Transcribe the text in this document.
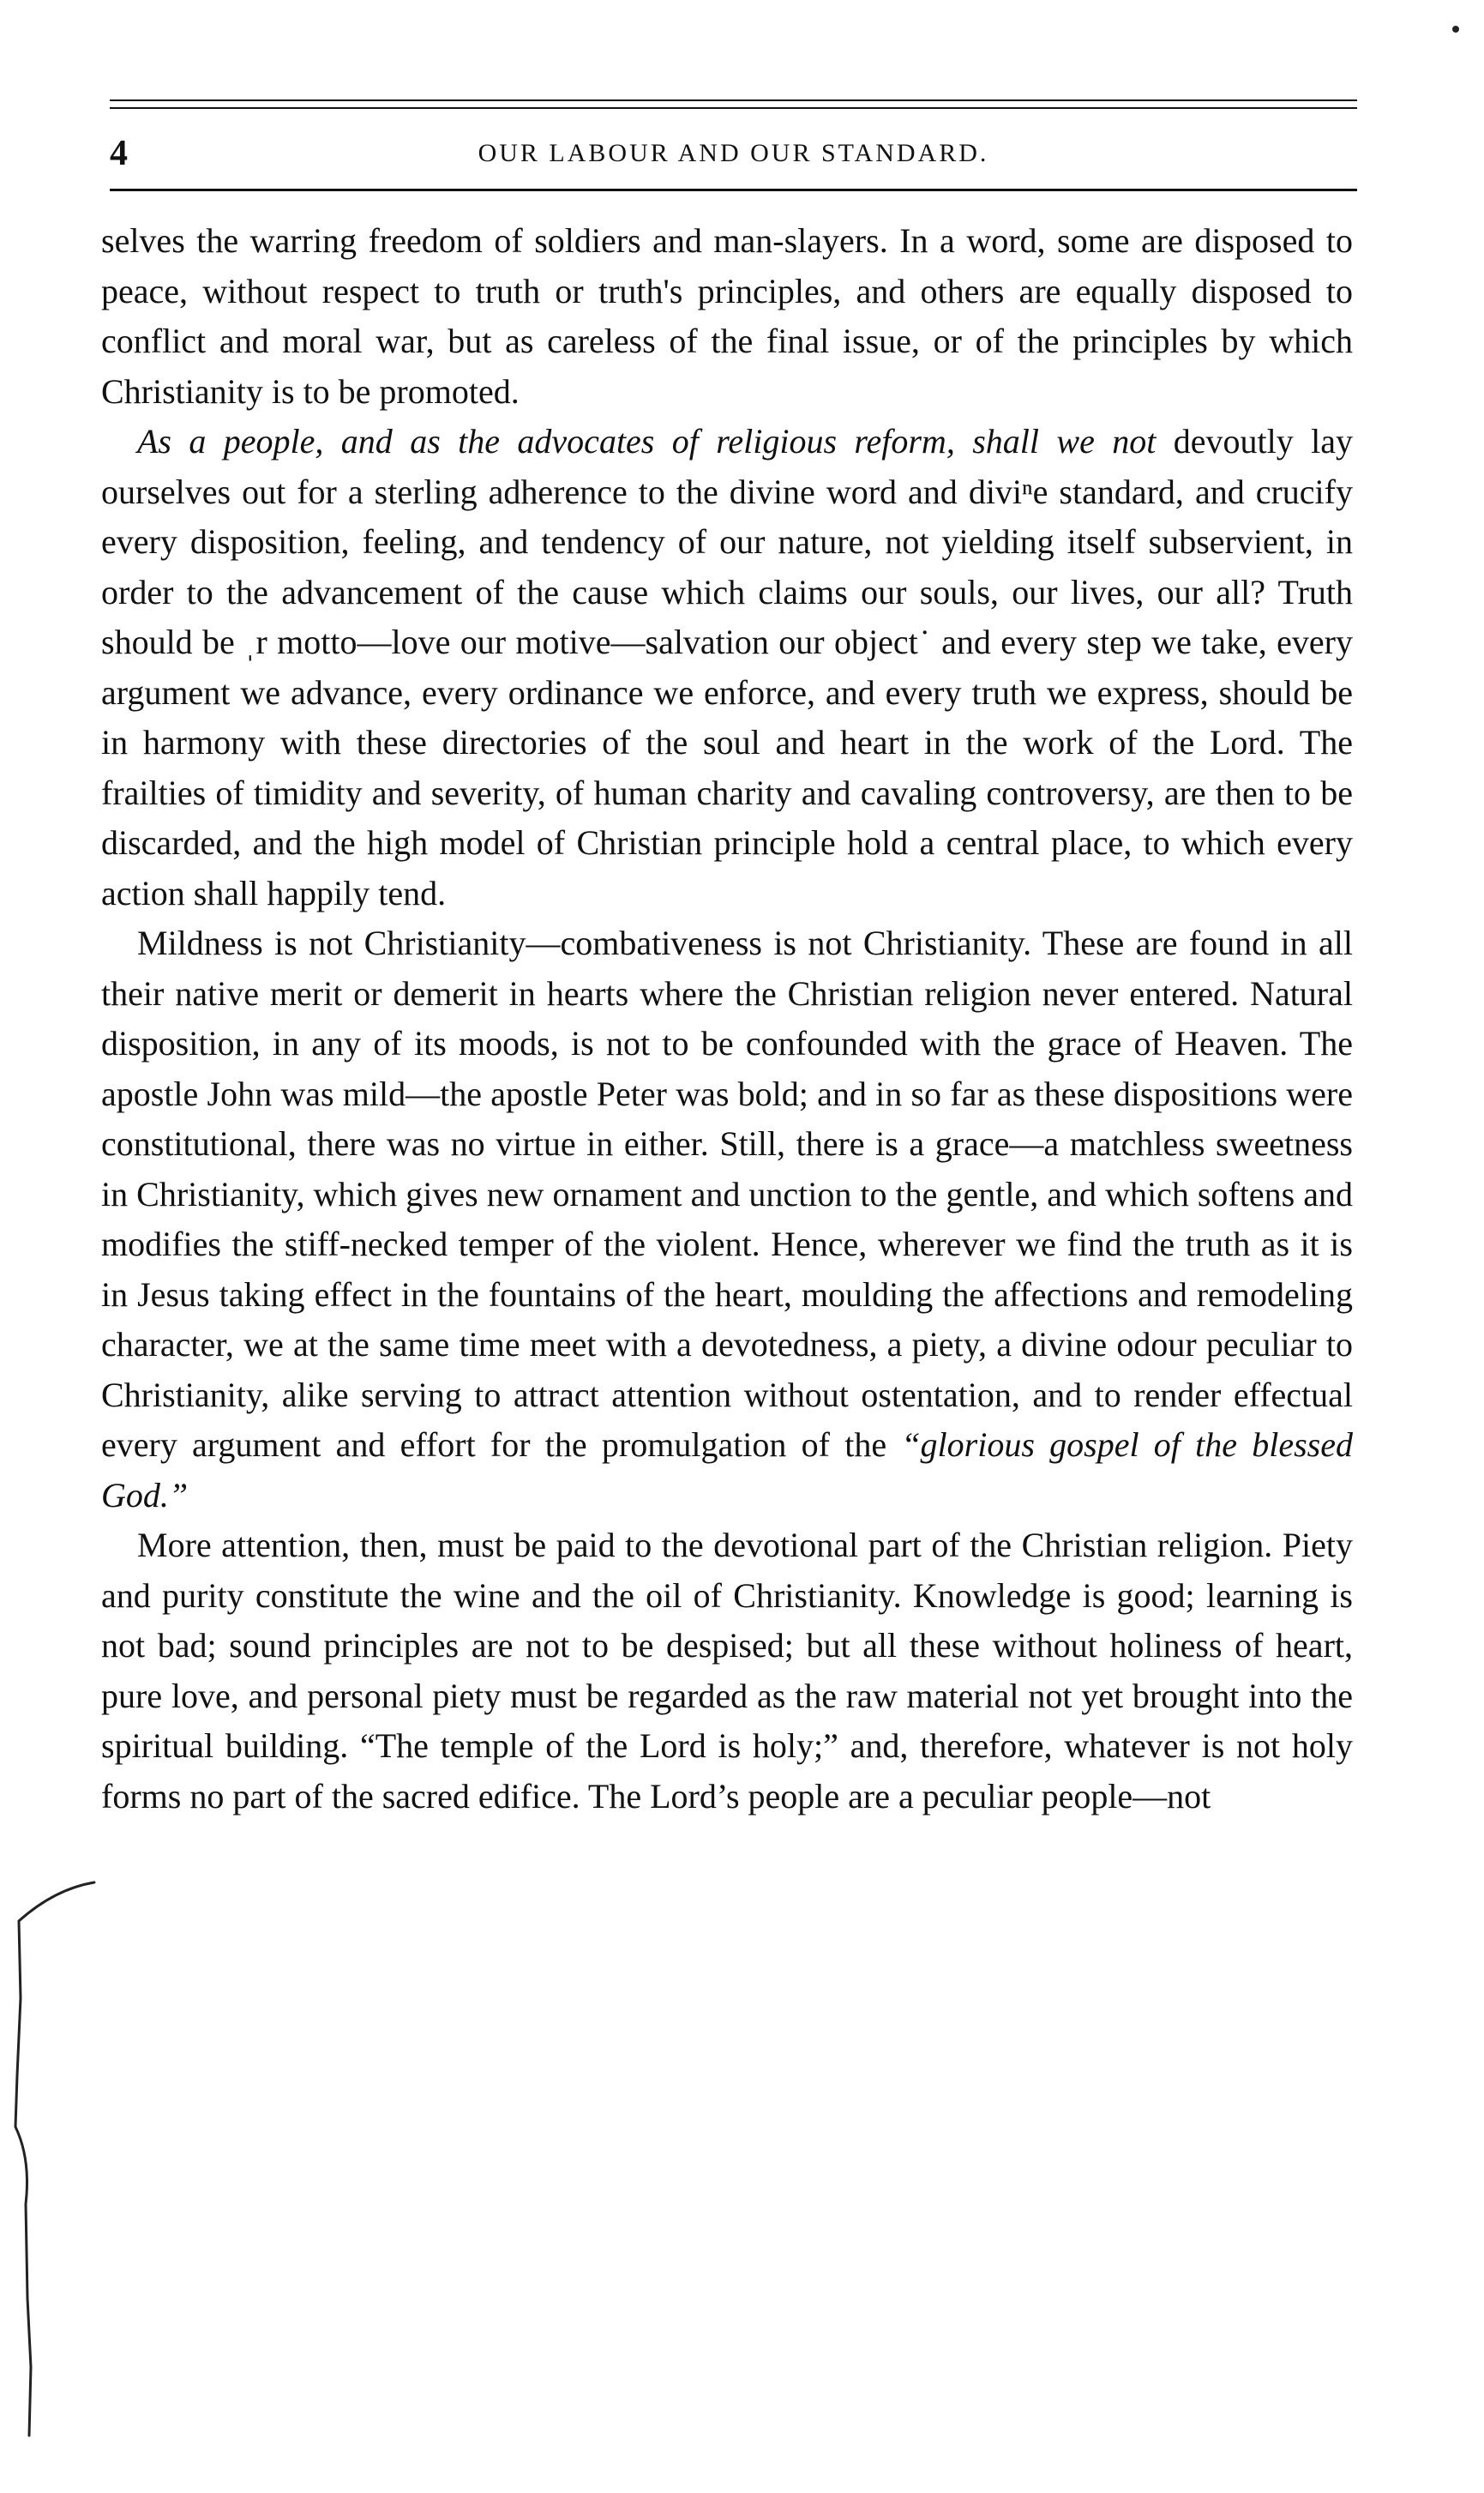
4	OUR LABOUR AND OUR STANDARD.

selves the warring freedom of soldiers and man-slayers. In a word, some are disposed to peace, without respect to truth or truth's principles, and others are equally disposed to conflict and moral war, but as careless of the final issue, or of the principles by which Christianity is to be promoted.

As a people, and as the advocates of religious reform, shall we not devoutly lay ourselves out for a sterling adherence to the divine word and diviⁿe standard, and crucify every disposition, feeling, and tendency of our nature, not yielding itself subservient, in order to the advancement of the cause which claims our souls, our lives, our all? Truth should be ˌr motto—love our motive—salvation our object˙ and every step we take, every argument we advance, every ordinance we enforce, and every truth we express, should be in harmony with these directories of the soul and heart in the work of the Lord. The frailties of timidity and severity, of human charity and cavaling controversy, are then to be discarded, and the high model of Christian principle hold a central place, to which every action shall happily tend.

Mildness is not Christianity—combativeness is not Christianity. These are found in all their native merit or demerit in hearts where the Christian religion never entered. Natural disposition, in any of its moods, is not to be confounded with the grace of Heaven. The apostle John was mild—the apostle Peter was bold; and in so far as these dispositions were constitutional, there was no virtue in either. Still, there is a grace—a matchless sweetness in Christianity, which gives new ornament and unction to the gentle, and which softens and modifies the stiff-necked temper of the violent. Hence, wherever we find the truth as it is in Jesus taking effect in the fountains of the heart, moulding the affections and remodeling character, we at the same time meet with a devotedness, a piety, a divine odour peculiar to Christianity, alike serving to attract attention without ostentation, and to render effectual every argument and effort for the promulgation of the “glorious gospel of the blessed God.”

More attention, then, must be paid to the devotional part of the Christian religion. Piety and purity constitute the wine and the oil of Christianity. Knowledge is good; learning is not bad; sound principles are not to be despised; but all these without holiness of heart, pure love, and personal piety must be regarded as the raw material not yet brought into the spiritual building. “The temple of the Lord is holy;” and, therefore, whatever is not holy forms no part of the sacred edifice. The Lord’s people are a peculiar people—not
